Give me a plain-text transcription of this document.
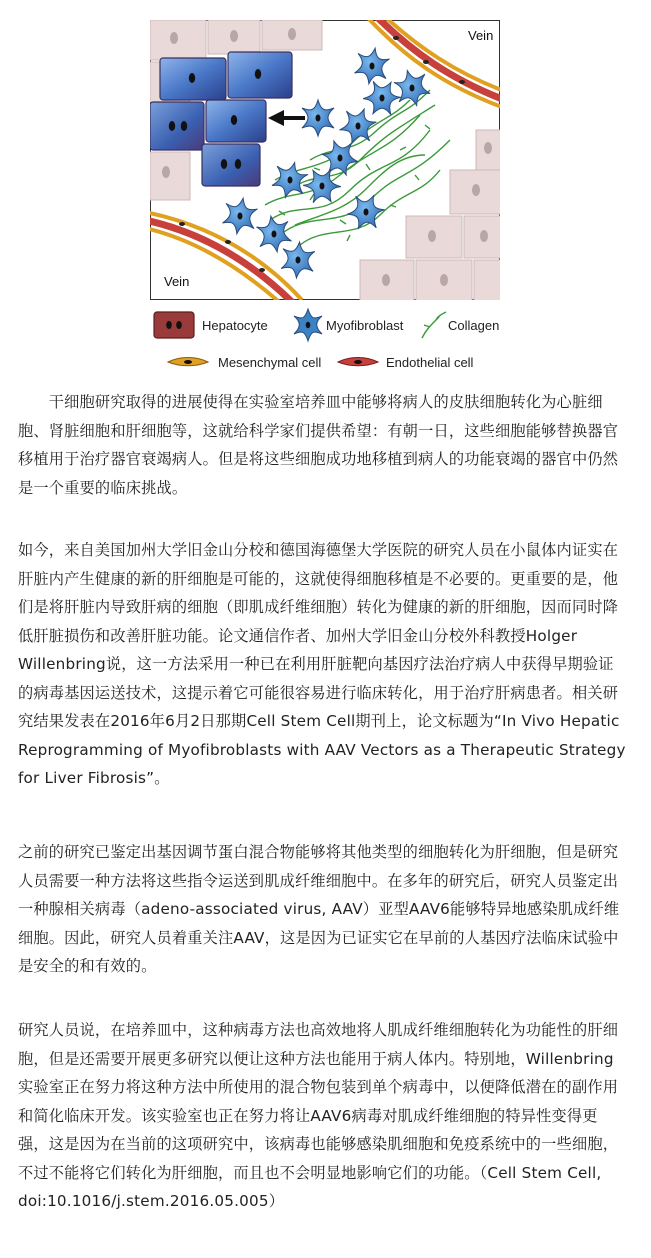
Vein
Vein
Hepatocyte	Myofibroblast	Collagen
Mesenchymal cell	Endothelial cell
　　干细胞研究取得的进展使得在实验室培养皿中能够将病人的皮肤细胞转化为心脏细
胞、肾脏细胞和肝细胞等，这就给科学家们提供希望：有朝一日，这些细胞能够替换器官
移植用于治疗器官衰竭病人。但是将这些细胞成功地移植到病人的功能衰竭的器官中仍然
是一个重要的临床挑战。
如今，来自美国加州大学旧金山分校和德国海德堡大学医院的研究人员在小鼠体内证实在
肝脏内产生健康的新的肝细胞是可能的，这就使得细胞移植是不必要的。更重要的是，他
们是将肝脏内导致肝病的细胞（即肌成纤维细胞）转化为健康的新的肝细胞，因而同时降
低肝脏损伤和改善肝脏功能。论文通信作者、加州大学旧金山分校外科教授Holger
Willenbring说，这一方法采用一种已在利用肝脏靶向基因疗法治疗病人中获得早期验证
的病毒基因运送技术，这提示着它可能很容易进行临床转化，用于治疗肝病患者。相关研
究结果发表在2016年6月2日那期Cell Stem Cell期刊上，论文标题为“In Vivo Hepatic
Reprogramming of Myofibroblasts with AAV Vectors as a Therapeutic Strategy
for Liver Fibrosis”。
之前的研究已鉴定出基因调节蛋白混合物能够将其他类型的细胞转化为肝细胞，但是研究
人员需要一种方法将这些指令运送到肌成纤维细胞中。在多年的研究后，研究人员鉴定出
一种腺相关病毒（adeno-associated virus, AAV）亚型AAV6能够特异地感染肌成纤维
细胞。因此，研究人员着重关注AAV，这是因为已证实它在早前的人基因疗法临床试验中
是安全的和有效的。
研究人员说，在培养皿中，这种病毒方法也高效地将人肌成纤维细胞转化为功能性的肝细
胞，但是还需要开展更多研究以便让这种方法也能用于病人体内。特别地，Willenbring
实验室正在努力将这种方法中所使用的混合物包装到单个病毒中，以便降低潜在的副作用
和简化临床开发。该实验室也正在努力将让AAV6病毒对肌成纤维细胞的特异性变得更
强，这是因为在当前的这项研究中，该病毒也能够感染肌细胞和免疫系统中的一些细胞，
不过不能将它们转化为肝细胞，而且也不会明显地影响它们的功能。（Cell Stem Cell,
doi:10.1016/j.stem.2016.05.005）
